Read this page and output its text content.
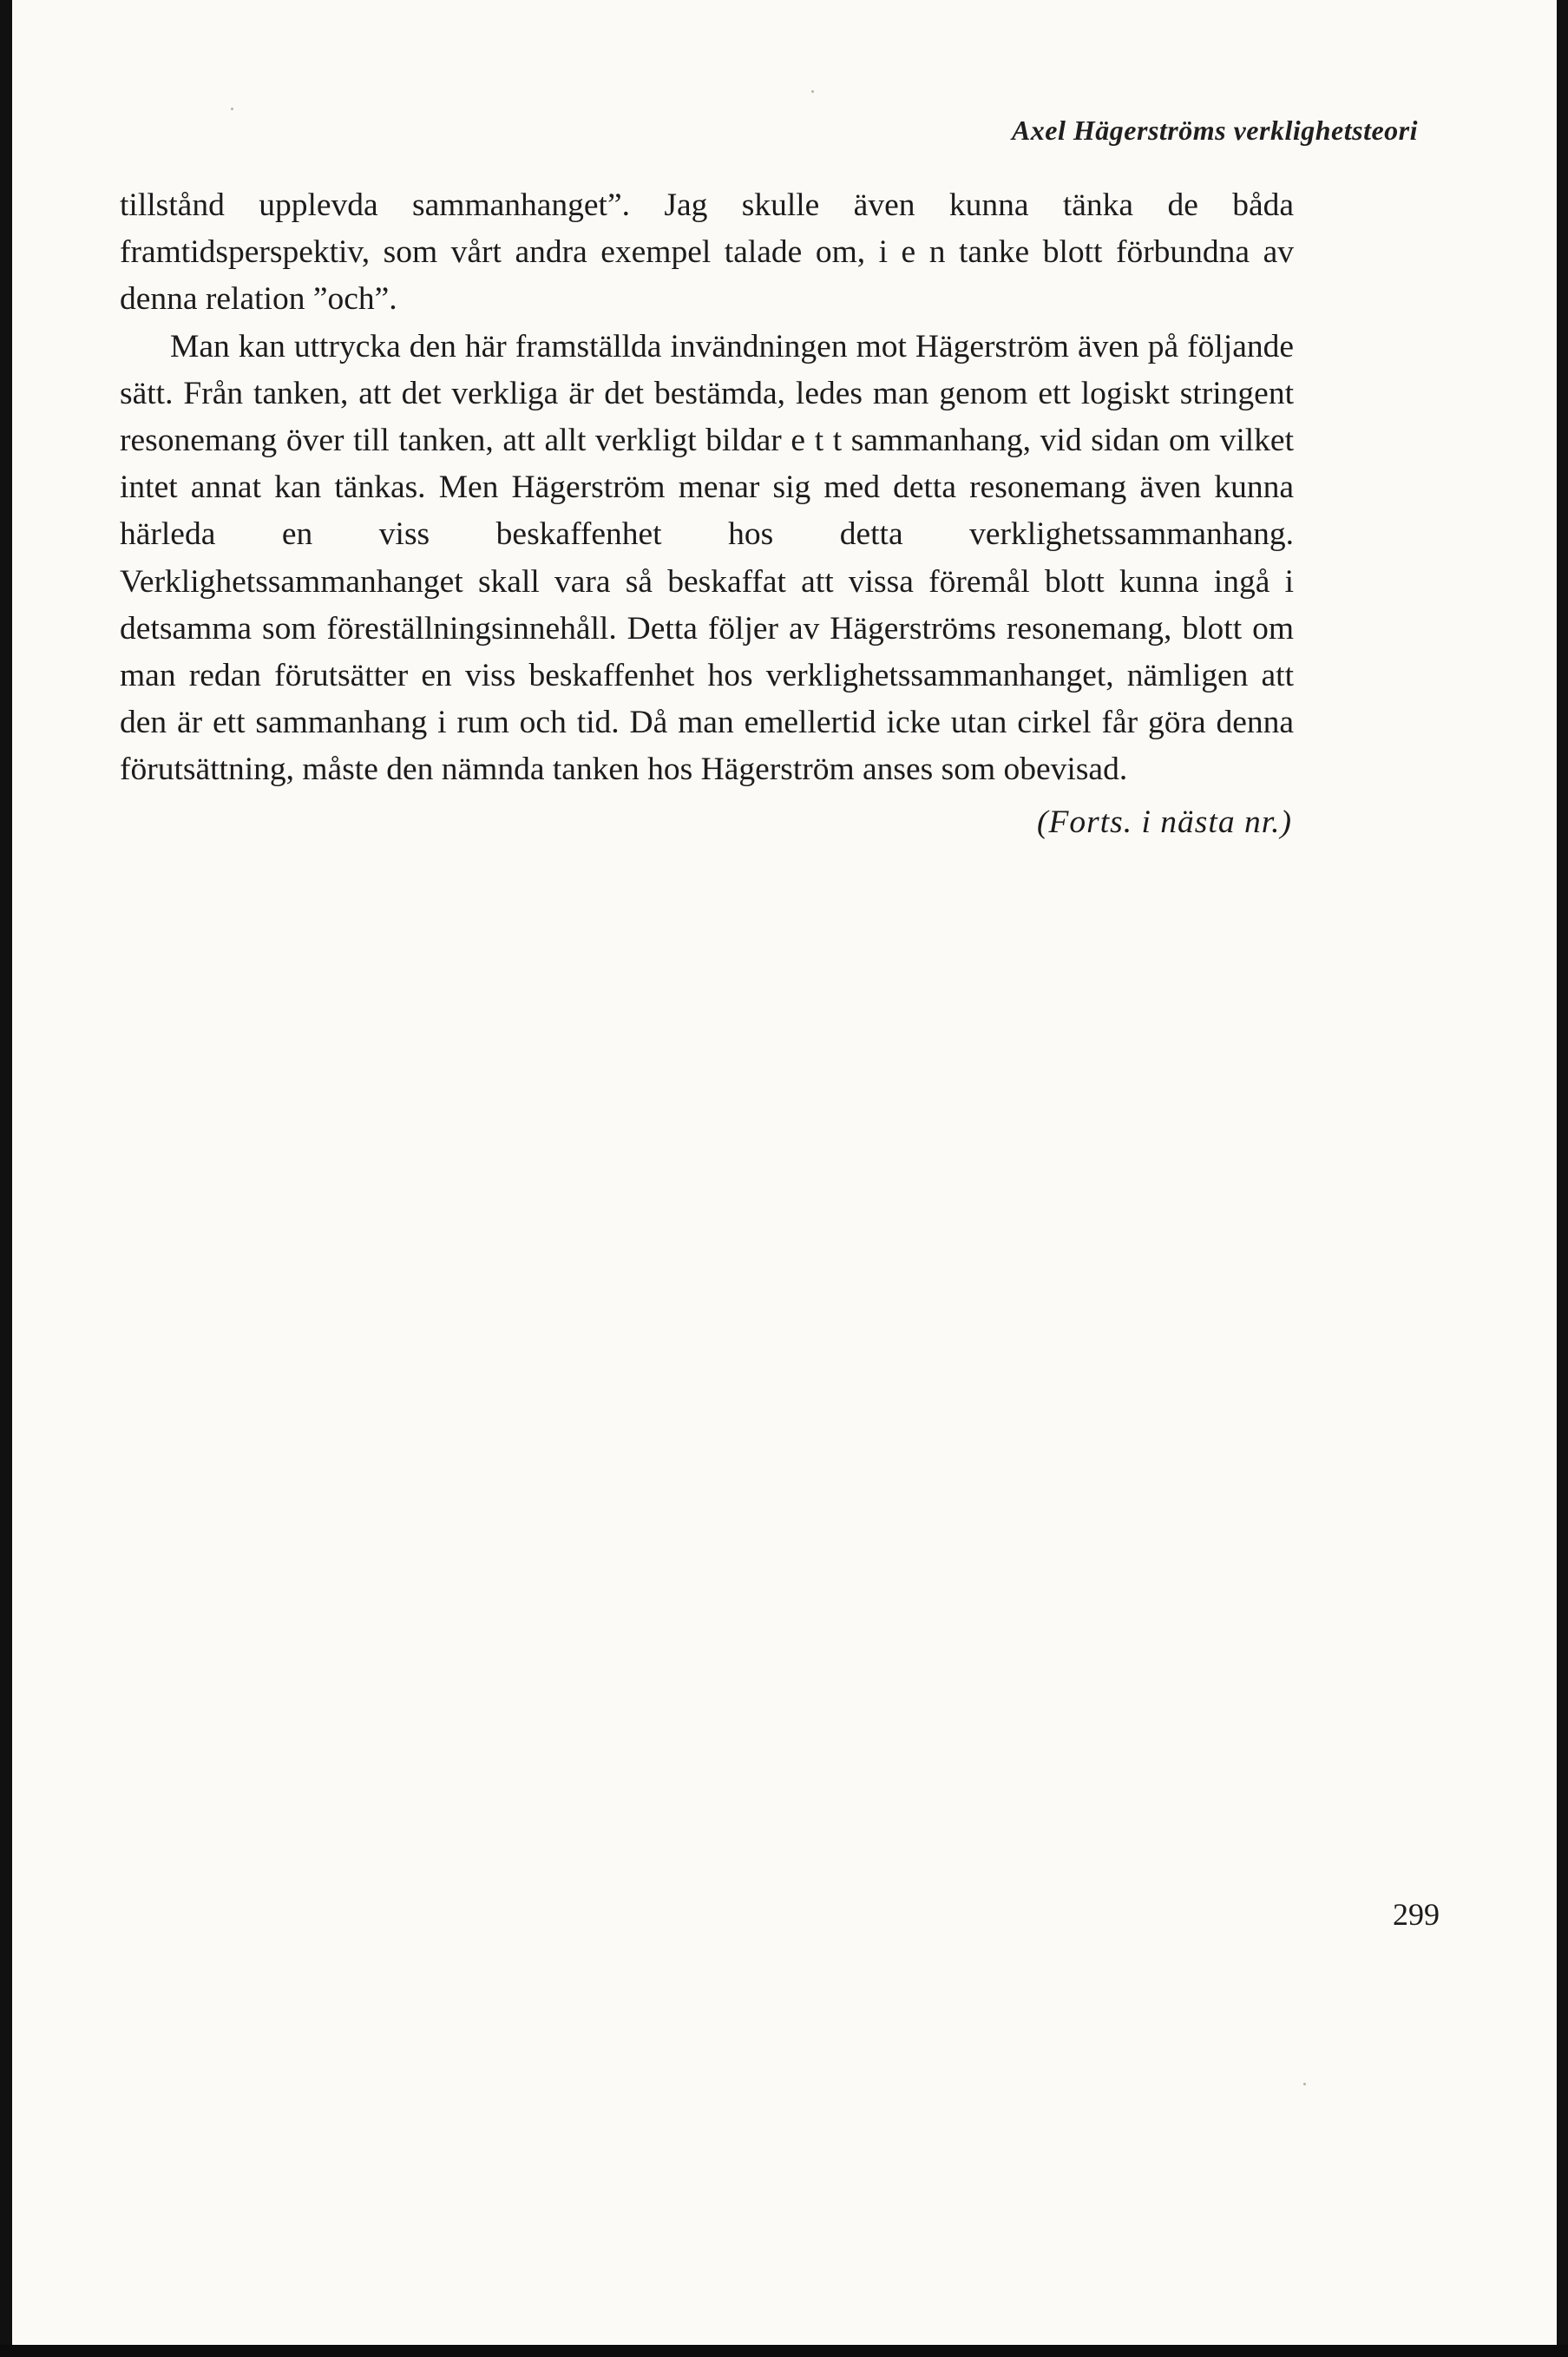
Axel Hägerströms verklighetsteori

tillstånd upplevda sammanhanget”. Jag skulle även kunna tänka de båda framtidsperspektiv, som vårt andra exempel talade om, i e n tanke blott förbundna av denna relation ”och”.

Man kan uttrycka den här framställda invändningen mot Hägerström även på följande sätt. Från tanken, att det verkliga är det bestämda, ledes man genom ett logiskt stringent resonemang över till tanken, att allt verkligt bildar e t t sammanhang, vid sidan om vilket intet annat kan tänkas. Men Hägerström menar sig med detta resonemang även kunna härleda en viss beskaffenhet hos detta verklighetssammanhang. Verklighetssammanhanget skall vara så beskaffat att vissa föremål blott kunna ingå i detsamma som föreställningsinnehåll. Detta följer av Hägerströms resonemang, blott om man redan förutsätter en viss beskaffenhet hos verklighetssammanhanget, nämligen att den är ett sammanhang i rum och tid. Då man emellertid icke utan cirkel får göra denna förutsättning, måste den nämnda tanken hos Hägerström anses som obevisad.

(Forts. i nästa nr.)

299
